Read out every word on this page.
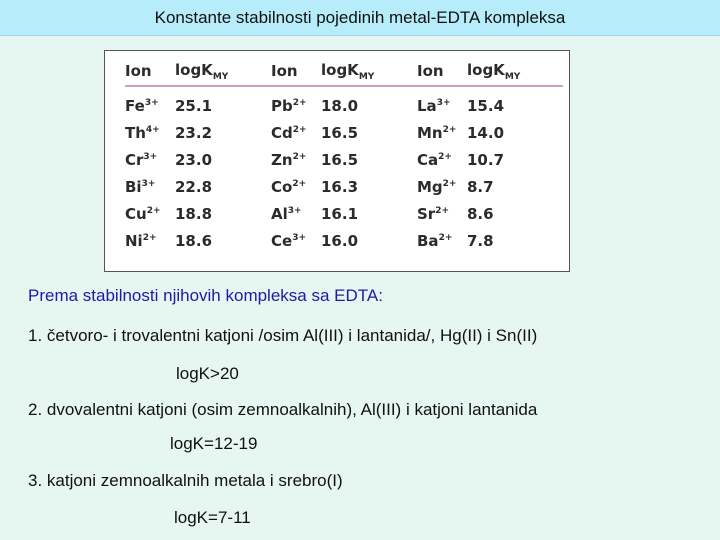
Konstante stabilnosti pojedinih metal-EDTA kompleksa
Ion	logK$_{MY}$	Ion	logK$_{MY}$	Ion	logK$_{MY}$
$Fe^{3+}$	25.1	$Pb^{2+}$	18.0	$La^{3+}$	15.4
$Th^{4+}$	23.2	$Cd^{2+}$	16.5	$Mn^{2+}$	14.0
$Cr^{3+}$	23.0	$Zn^{2+}$	16.5	$Ca^{2+}$	10.7
$Bi^{3+}$	22.8	$Co^{2+}$	16.3	$Mg^{2+}$	8.7
$Cu^{2+}$	18.8	$Al^{3+}$	16.1	$Sr^{2+}$	8.6
$Ni^{2+}$	18.6	$Ce^{3+}$	16.0	$Ba^{2+}$	7.8
Prema stabilnosti njihovih kompleksa sa EDTA:
1. četvoro- i trovalentni katjoni /osim Al(III) i lantanida/, Hg(II) i Sn(II)
logK>20
2. dvovalentni katjoni (osim zemnoalkalnih), Al(III) i katjoni lantanida
logK=12-19
3. katjoni zemnoalkalnih metala i srebro(I)
logK=7-11
